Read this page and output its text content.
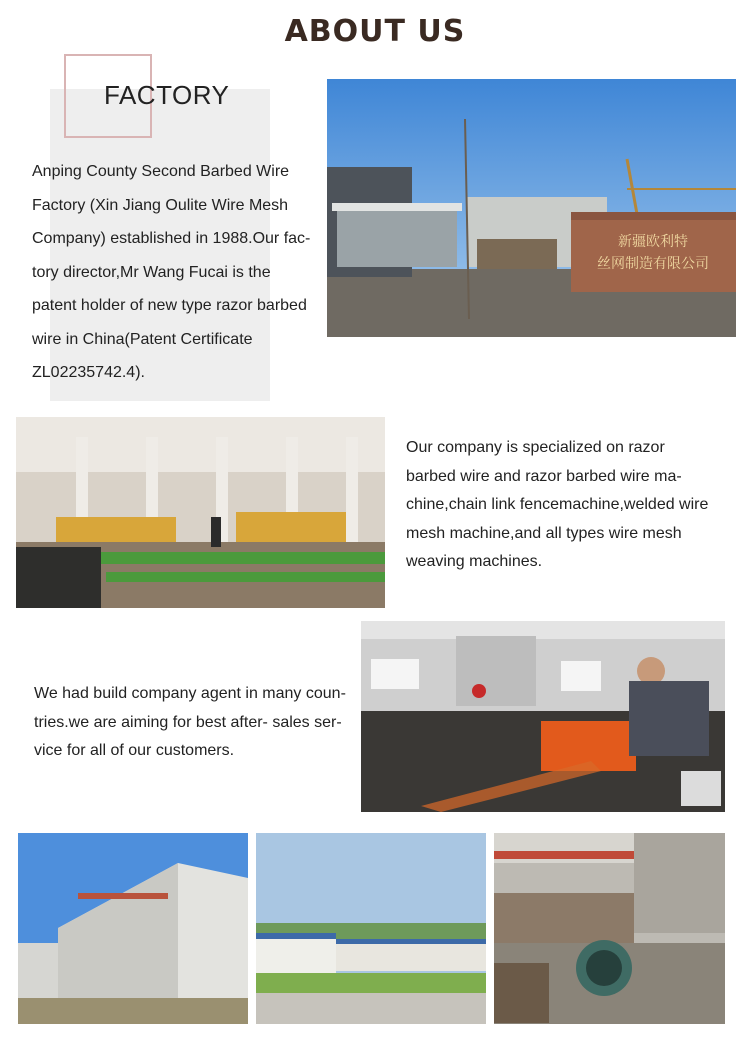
ABOUT US
FACTORY
Anping County Second Barbed Wire
Factory (Xin Jiang Oulite Wire Mesh
Company) established in 1988.Our fac-
tory director,Mr Wang Fucai is the
patent holder of new type razor barbed
wire in China(Patent Certificate
ZL02235742.4).
新疆欧利特
丝网制造有限公司
Our company is specialized on razor
barbed wire and razor barbed wire ma-
chine,chain link fencemachine,welded wire
mesh machine,and all types wire mesh
weaving machines.
We had build company agent in many coun-
tries.we are aiming for best after- sales ser-
vice for all of our customers.
